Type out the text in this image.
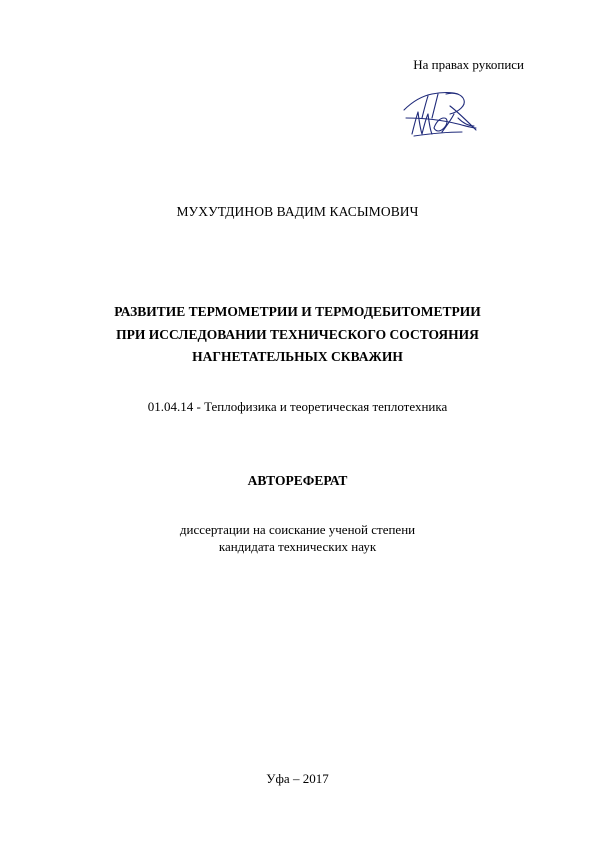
На правах рукописи
МУХУТДИНОВ ВАДИМ КАСЫМОВИЧ
РАЗВИТИЕ ТЕРМОМЕТРИИ И ТЕРМОДЕБИТОМЕТРИИ
ПРИ ИССЛЕДОВАНИИ ТЕХНИЧЕСКОГО СОСТОЯНИЯ
НАГНЕТАТЕЛЬНЫХ СКВАЖИН
01.04.14 - Теплофизика и теоретическая теплотехника
АВТОРЕФЕРАТ
диссертации на соискание ученой степени
кандидата технических наук
Уфа – 2017
